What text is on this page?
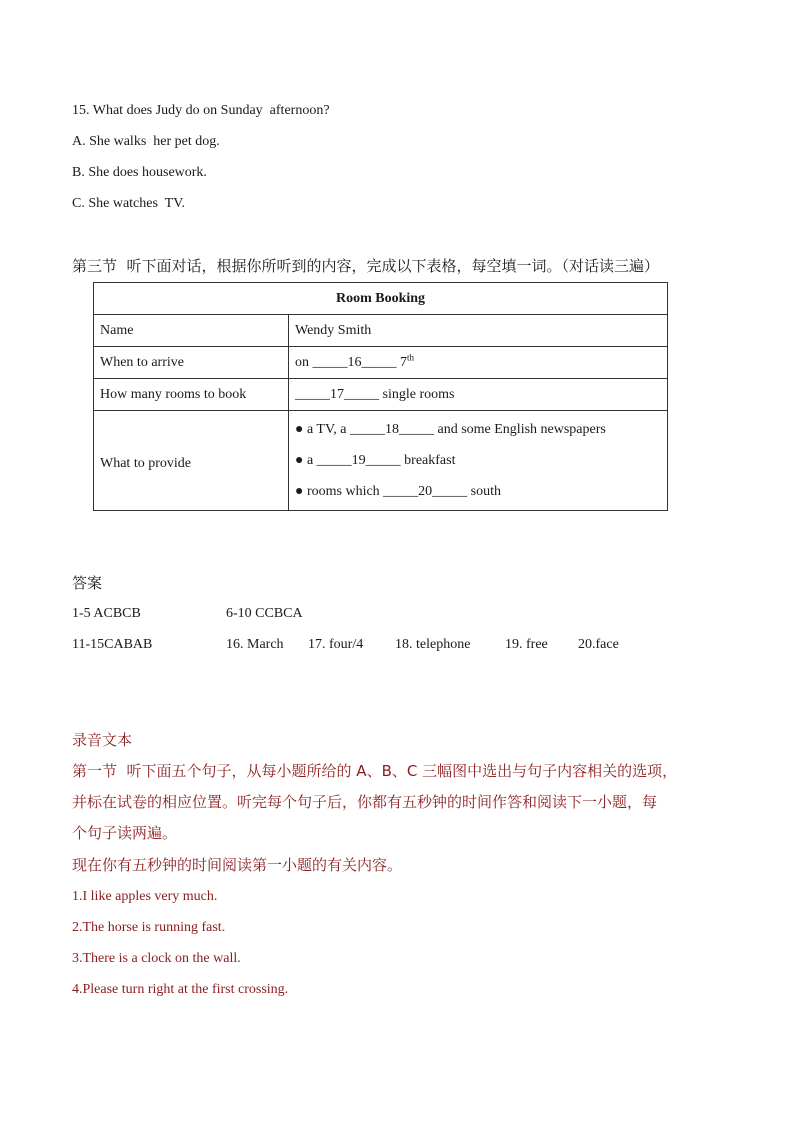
15. What does Judy do on Sunday  afternoon?
A. She walks  her pet dog.
B. She does housework.
C. She watches  TV.
第三节  听下面对话，根据你所听到的内容，完成以下表格，每空填一词。（对话读三遍）
Room Booking	
Name	Wendy Smith
When to arrive	on _____16_____ 7th
How many rooms to book	_____17_____ single rooms
What to provide	● a TV, a _____18_____ and some English newspapers
● a _____19_____ breakfast
● rooms which _____20_____ south
答案
1-5 ACBCB	6-10 CCBCA
11-15CABAB	16. March 17. four/4 18. telephone 19. free 20.face
录音文本
第一节  听下面五个句子，从每小题所给的 A、B、C 三幅图中选出与句子内容相关的选项，
并标在试卷的相应位置。听完每个句子后，你都有五秒钟的时间作答和阅读下一小题，每
个句子读两遍。
现在你有五秒钟的时间阅读第一小题的有关内容。
1.I like apples very much.
2.The horse is running fast.
3.There is a clock on the wall.
4.Please turn right at the first crossing.
